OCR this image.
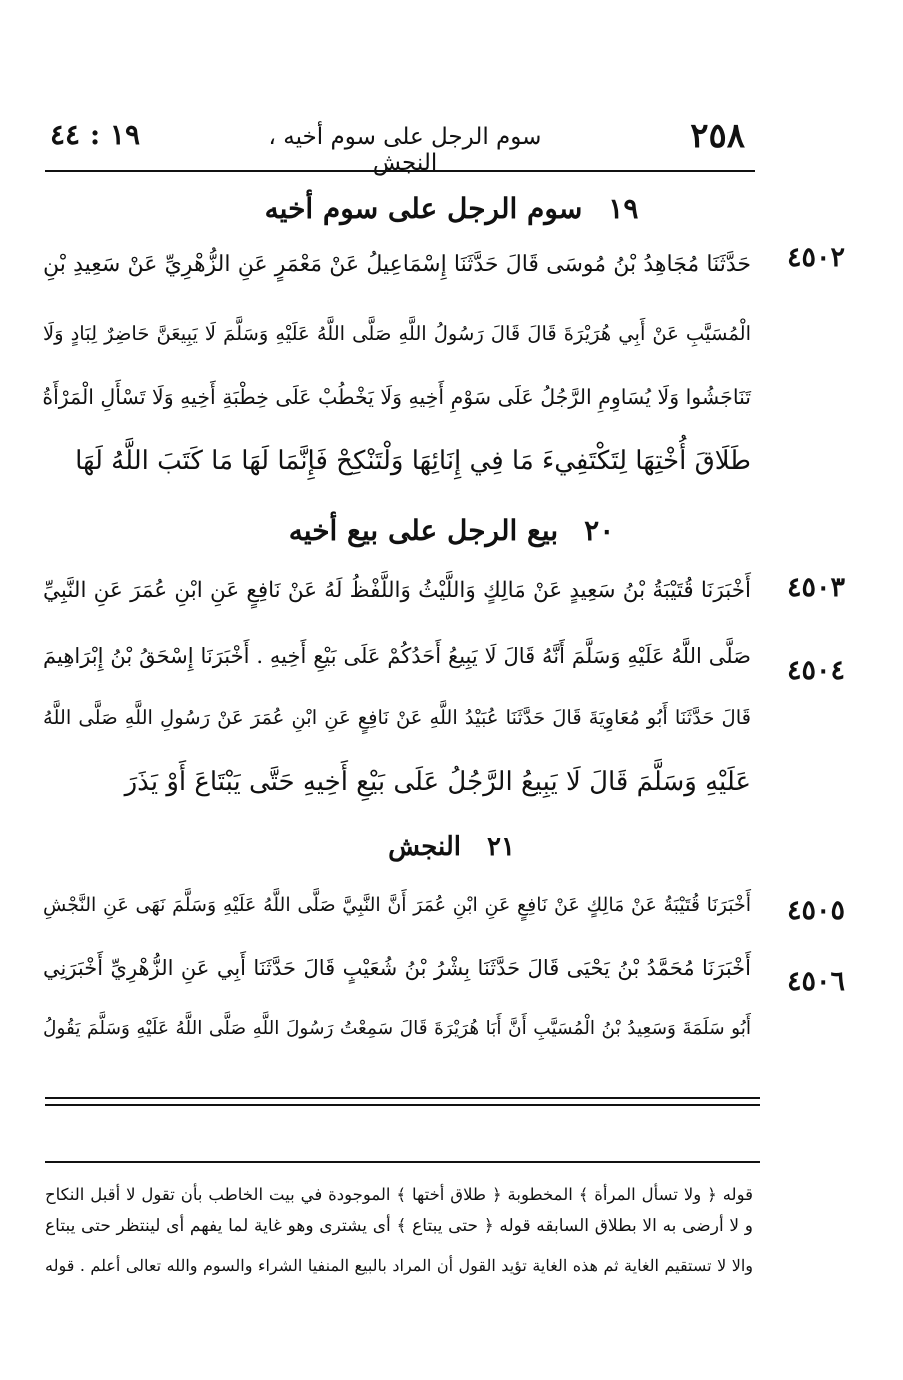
١٩ : ٤٤	سوم الرجل على سوم أخيه ، النجش
٢٥٨
١٩سوم الرجل على سوم أخيه
٤٥٠٢
حَدَّثَنَا مُجَاهِدُ بْنُ مُوسَى قَالَ حَدَّثَنَا إِسْمَاعِيلُ عَنْ مَعْمَرٍ عَنِ الزُّهْرِيِّ عَنْ سَعِيدِ بْنِ
الْمُسَيَّبِ عَنْ أَبِي هُرَيْرَةَ قَالَ قَالَ رَسُولُ اللَّهِ صَلَّى اللَّهُ عَلَيْهِ وَسَلَّمَ لَا يَبِيعَنَّ حَاضِرٌ لِبَادٍ وَلَا
تَنَاجَشُوا وَلَا يُسَاوِمِ الرَّجُلُ عَلَى سَوْمِ أَخِيهِ وَلَا يَخْطُبْ عَلَى خِطْبَةِ أَخِيهِ وَلَا تَسْأَلِ الْمَرْأَةُ
طَلَاقَ أُخْتِهَا لِتَكْتَفِيءَ مَا فِي إِنَائِهَا وَلْتَنْكِحْ فَإِنَّمَا لَهَا مَا كَتَبَ اللَّهُ لَهَا
٢٠بيع الرجل على بيع أخيه
٤٥٠٣
أَخْبَرَنَا قُتَيْبَةُ بْنُ سَعِيدٍ عَنْ مَالِكٍ وَاللَّيْثُ وَاللَّفْظُ لَهُ عَنْ نَافِعٍ عَنِ ابْنِ عُمَرَ عَنِ النَّبِيِّ
٤٥٠٤
صَلَّى اللَّهُ عَلَيْهِ وَسَلَّمَ أَنَّهُ قَالَ لَا يَبِيعُ أَحَدُكُمْ عَلَى بَيْعِ أَخِيهِ . أَخْبَرَنَا إِسْحَقُ بْنُ إِبْرَاهِيمَ
قَالَ حَدَّثَنَا أَبُو مُعَاوِيَةَ قَالَ حَدَّثَنَا عُبَيْدُ اللَّهِ عَنْ نَافِعٍ عَنِ ابْنِ عُمَرَ عَنْ رَسُولِ اللَّهِ صَلَّى اللَّهُ
عَلَيْهِ وَسَلَّمَ قَالَ لَا يَبِيعُ الرَّجُلُ عَلَى بَيْعِ أَخِيهِ حَتَّى يَبْتَاعَ أَوْ يَذَرَ
٢١النجش
٤٥٠٥
أَخْبَرَنَا قُتَيْبَةُ عَنْ مَالِكٍ عَنْ نَافِعٍ عَنِ ابْنِ عُمَرَ أَنَّ النَّبِيَّ صَلَّى اللَّهُ عَلَيْهِ وَسَلَّمَ نَهَى عَنِ النَّجْشِ
٤٥٠٦
أَخْبَرَنَا مُحَمَّدُ بْنُ يَحْيَى قَالَ حَدَّثَنَا بِشْرُ بْنُ شُعَيْبٍ قَالَ حَدَّثَنَا أَبِي عَنِ الزُّهْرِيِّ أَخْبَرَنِي
أَبُو سَلَمَةَ وَسَعِيدُ بْنُ الْمُسَيَّبِ أَنَّ أَبَا هُرَيْرَةَ قَالَ سَمِعْتُ رَسُولَ اللَّهِ صَلَّى اللَّهُ عَلَيْهِ وَسَلَّمَ يَقُولُ
قوله ﴿ ولا تسأل المرأة ﴾ المخطوبة ﴿ طلاق أختها ﴾ الموجودة في بيت الخاطب بأن تقول لا أقبل النكاح
و لا أرضى به الا بطلاق السابقه قوله ﴿ حتى يبتاع ﴾ أى يشترى وهو غاية لما يفهم أى لينتظر حتى يبتاع
والا لا تستقيم الغاية ثم هذه الغاية تؤيد القول أن المراد بالبيع المنفيا الشراء والسوم والله تعالى أعلم . قوله
